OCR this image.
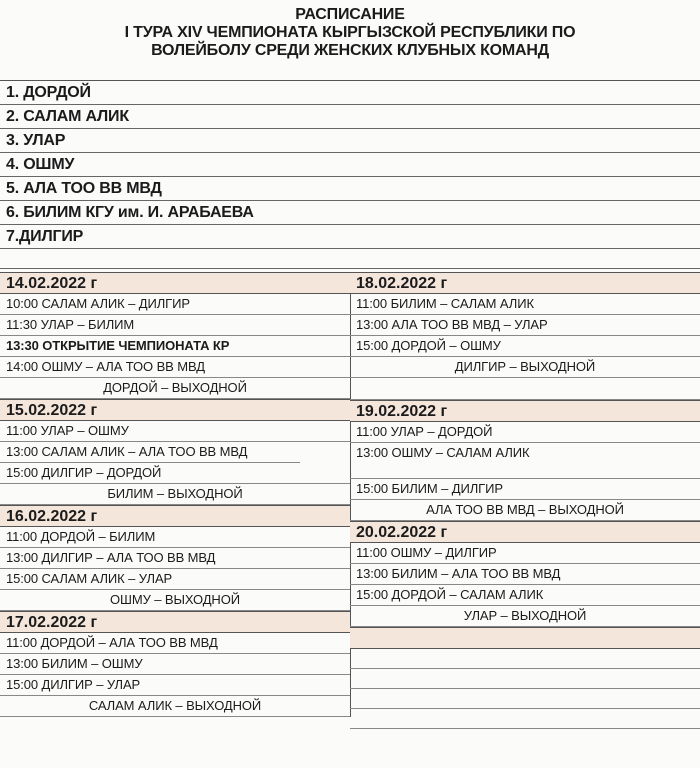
РАСПИСАНИЕ
I ТУРА XIV ЧЕМПИОНАТА КЫРГЫЗСКОЙ РЕСПУБЛИКИ ПО
ВОЛЕЙБОЛУ СРЕДИ ЖЕНСКИХ КЛУБНЫХ КОМАНД
1. ДОРДОЙ
2. САЛАМ АЛИК
3. УЛАР
4. ОШМУ
5. АЛА ТОО ВВ МВД
6. БИЛИМ КГУ им. И. АРАБАЕВА
7.ДИЛГИР
14.02.2022 г
10:00 САЛАМ АЛИК – ДИЛГИР
11:30 УЛАР – БИЛИМ
13:30 ОТКРЫТИЕ ЧЕМПИОНАТА КР
14:00 ОШМУ – АЛА ТОО ВВ МВД
ДОРДОЙ – ВЫХОДНОЙ
15.02.2022 г
11:00 УЛАР – ОШМУ
13:00 САЛАМ АЛИК – АЛА ТОО ВВ МВД
15:00 ДИЛГИР – ДОРДОЙ
БИЛИМ – ВЫХОДНОЙ
16.02.2022 г
11:00 ДОРДОЙ – БИЛИМ
13:00 ДИЛГИР – АЛА ТОО ВВ МВД
15:00 САЛАМ АЛИК – УЛАР
ОШМУ – ВЫХОДНОЙ
17.02.2022 г
11:00 ДОРДОЙ – АЛА ТОО ВВ МВД
13:00 БИЛИМ – ОШМУ
15:00 ДИЛГИР – УЛАР
САЛАМ АЛИК – ВЫХОДНОЙ
18.02.2022 г
11:00 БИЛИМ – САЛАМ АЛИК
13:00 АЛА ТОО ВВ МВД – УЛАР
15:00 ДОРДОЙ – ОШМУ
ДИЛГИР – ВЫХОДНОЙ
19.02.2022 г
11:00 УЛАР – ДОРДОЙ
13:00 ОШМУ – САЛАМ АЛИК
15:00 БИЛИМ – ДИЛГИР
АЛА ТОО ВВ МВД – ВЫХОДНОЙ
20.02.2022 г
11:00 ОШМУ – ДИЛГИР
13:00 БИЛИМ – АЛА ТОО ВВ МВД
15:00 ДОРДОЙ – САЛАМ АЛИК
УЛАР – ВЫХОДНОЙ
